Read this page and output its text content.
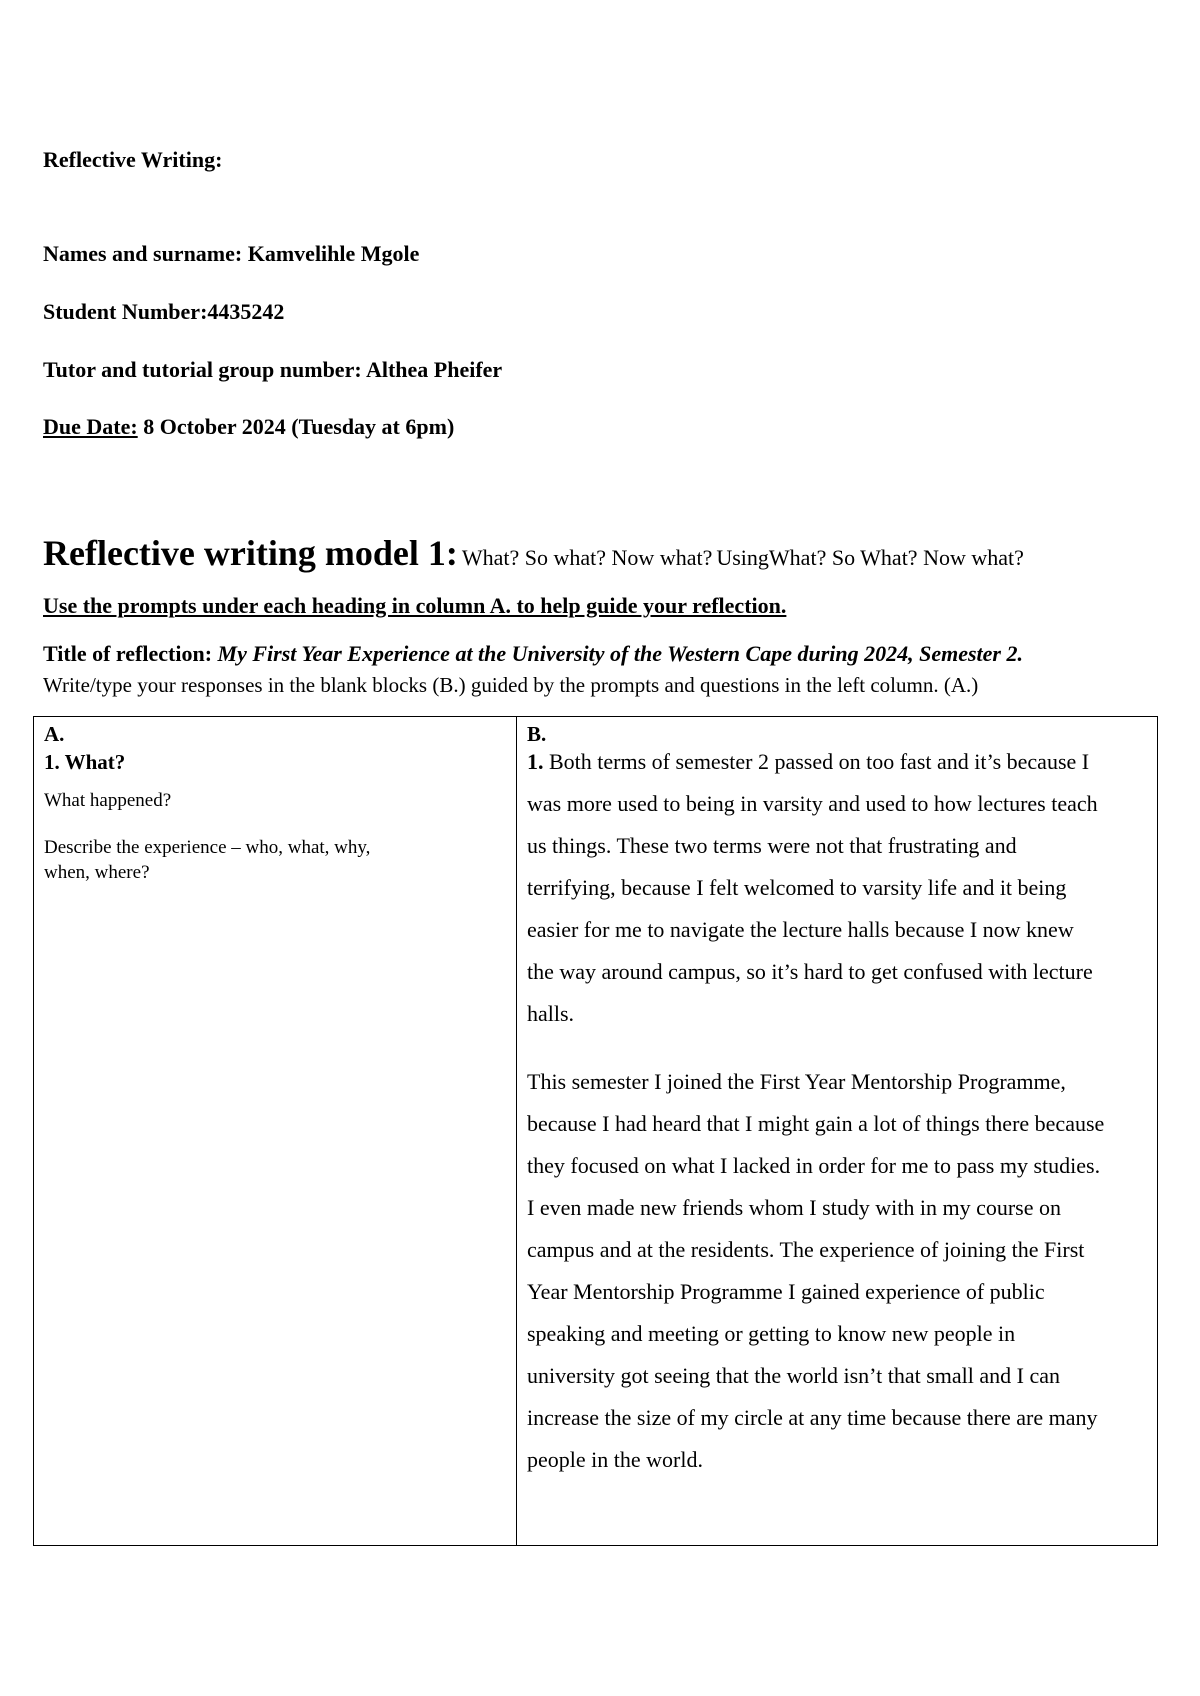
Reflective Writing:

Names and surname: Kamvelihle Mgole

Student Number:4435242

Tutor and tutorial group number: Althea Pheifer

Due Date: 8 October 2024 (Tuesday at 6pm)

Reflective writing model 1: What? So what? Now what? UsingWhat? So What? Now what?

Use the prompts under each heading in column A. to help guide your reflection.

Title of reflection: My First Year Experience at the University of the Western Cape during 2024, Semester 2.

Write/type your responses in the blank blocks (B.) guided by the prompts and questions in the left column. (A.)

A.
1. What?

What happened?

Describe the experience – who, what, why,

when, where?

B.

1. Both terms of semester 2 passed on too fast and it’s because I

was more used to being in varsity and used to how lectures teach

us things. These two terms were not that frustrating and

terrifying, because I felt welcomed to varsity life and it being

easier for me to navigate the lecture halls because I now knew

the way around campus, so it’s hard to get confused with lecture

halls.

This semester I joined the First Year Mentorship Programme,

because I had heard that I might gain a lot of things there because

they focused on what I lacked in order for me to pass my studies.

I even made new friends whom I study with in my course on

campus and at the residents. The experience of joining the First

Year Mentorship Programme I gained experience of public

speaking and meeting or getting to know new people in

university got seeing that the world isn’t that small and I can

increase the size of my circle at any time because there are many

people in the world.
